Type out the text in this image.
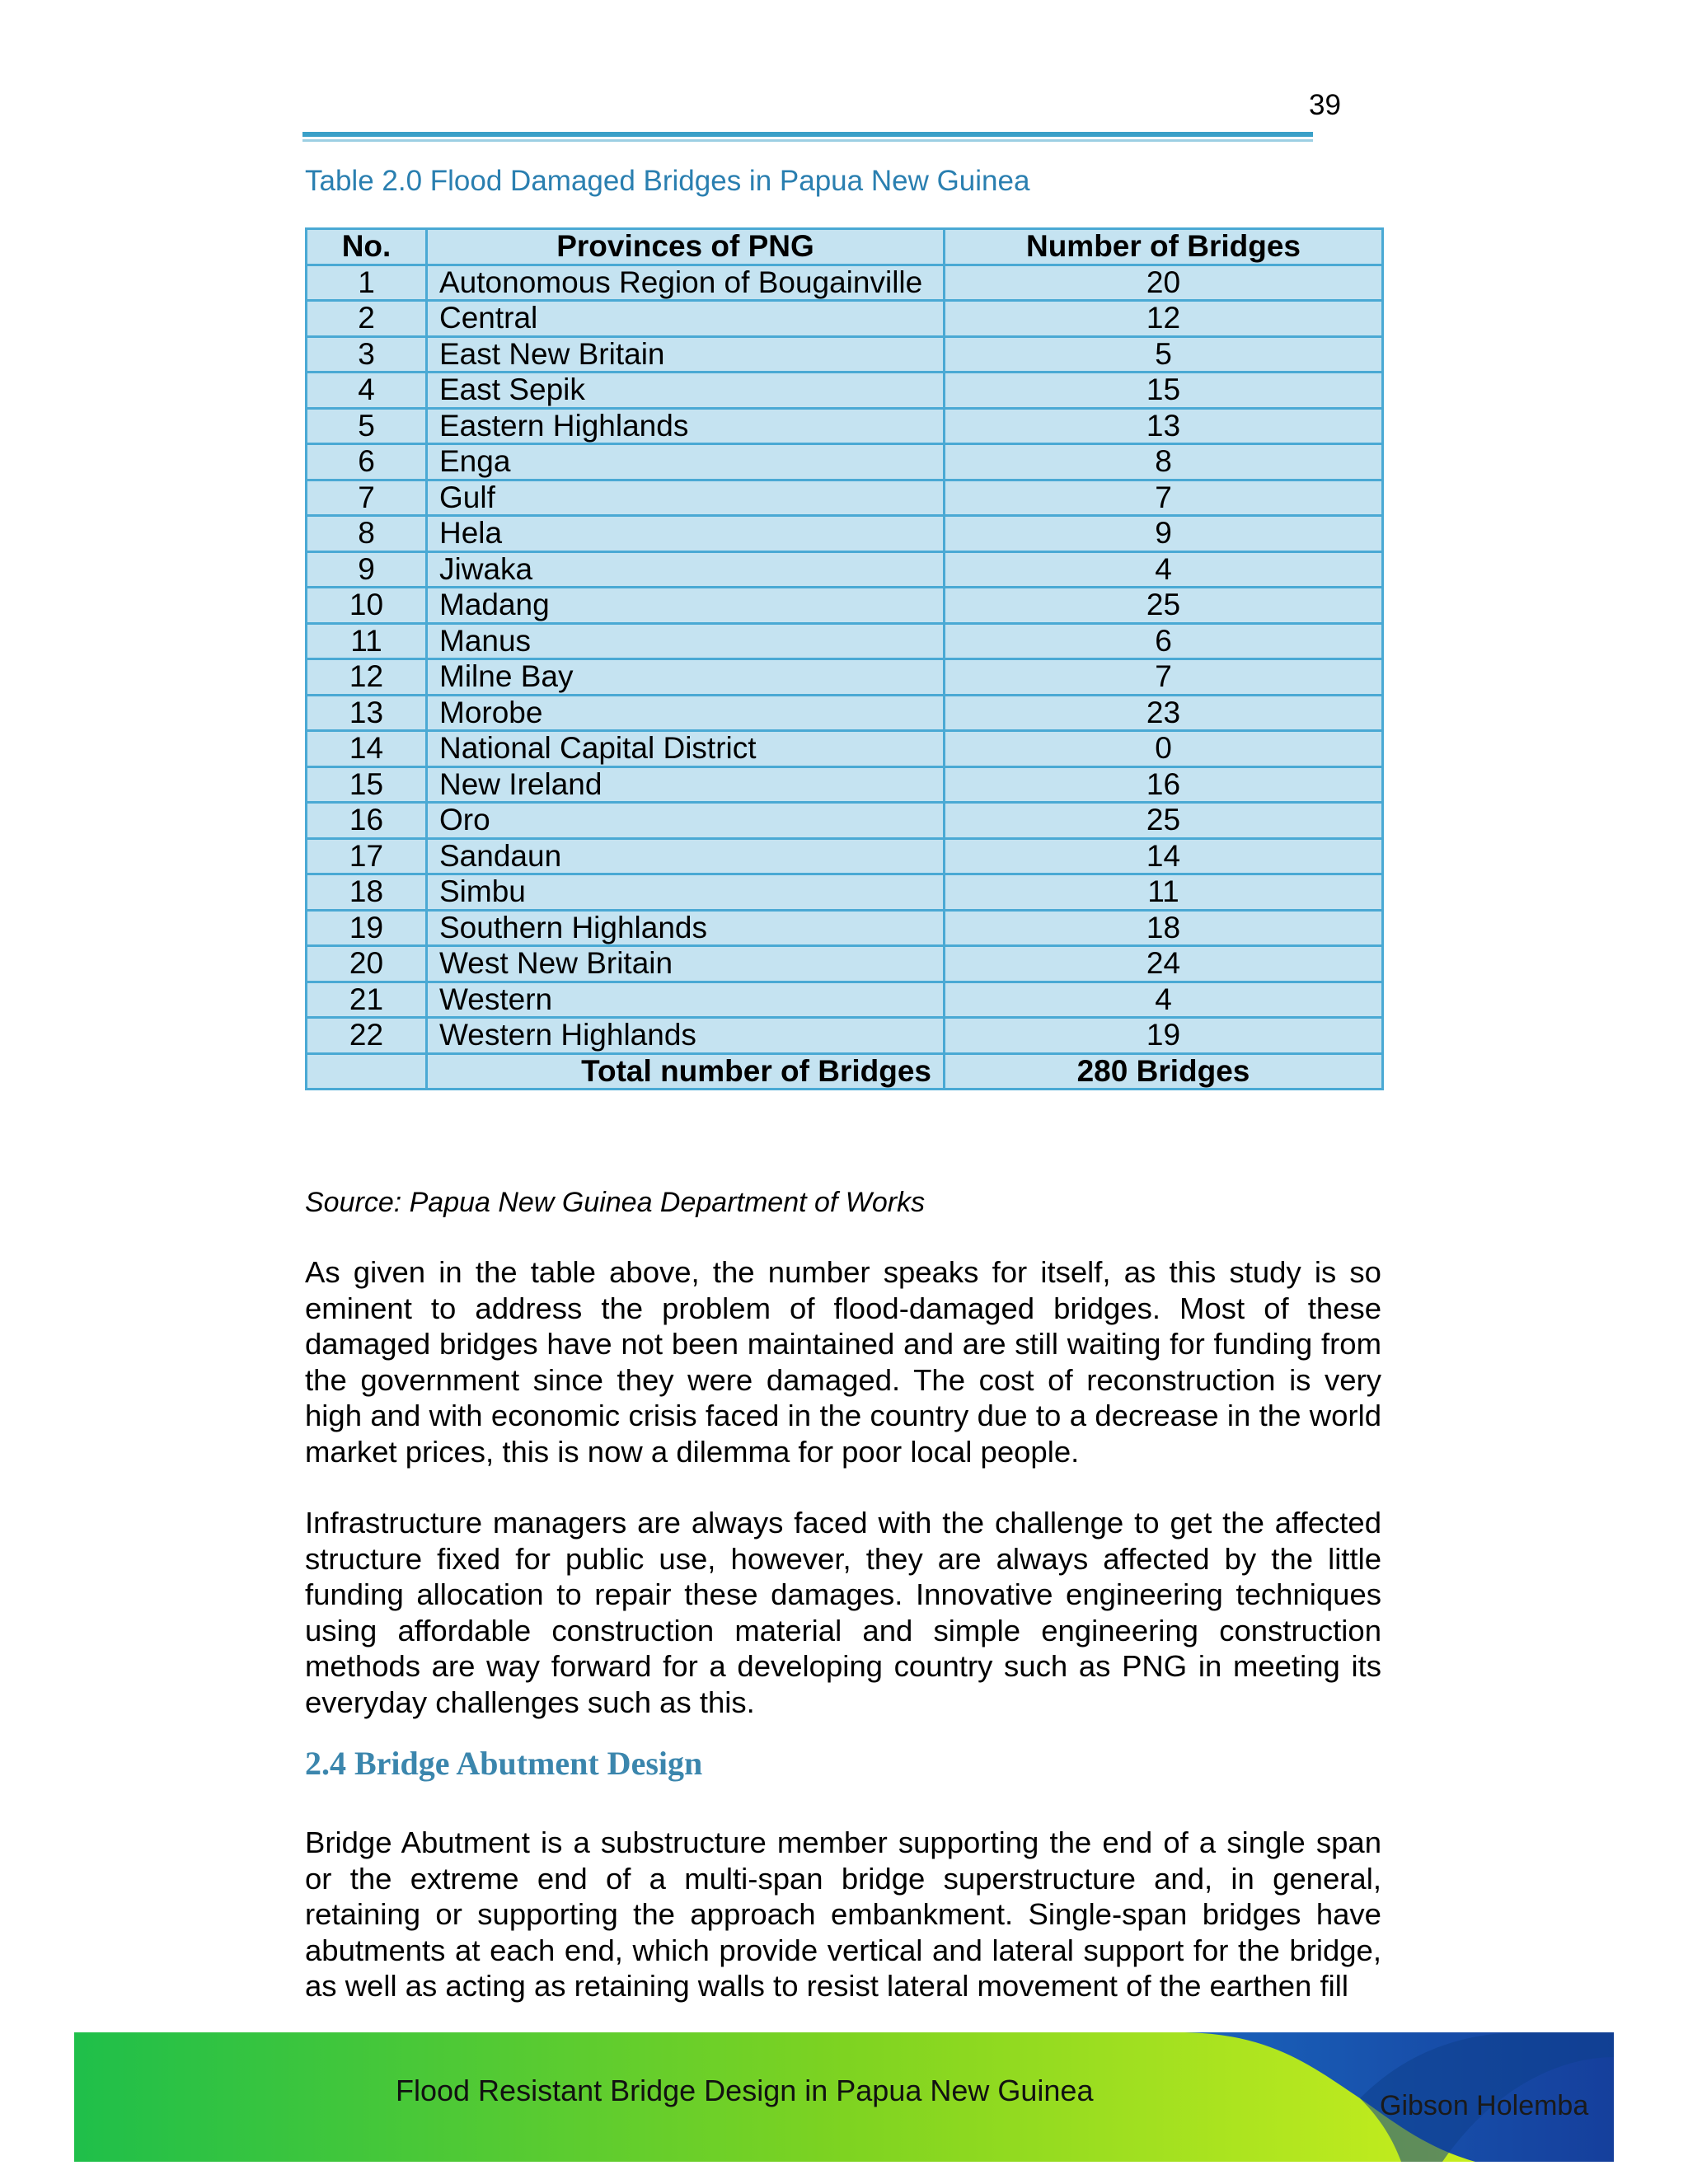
39
Table 2.0 Flood Damaged Bridges in Papua New Guinea
No.	Provinces of PNG	Number of Bridges
1	Autonomous Region of Bougainville	20
2	Central	12
3	East New Britain	5
4	East Sepik	15
5	Eastern Highlands	13
6	Enga	8
7	Gulf	7
8	Hela	9
9	Jiwaka	4
10	Madang	25
11	Manus	6
12	Milne Bay	7
13	Morobe	23
14	National Capital District	0
15	New Ireland	16
16	Oro	25
17	Sandaun	14
18	Simbu	11
19	Southern Highlands	18
20	West New Britain	24
21	Western	4
22	Western Highlands	19
	Total number of Bridges	280 Bridges
Source: Papua New Guinea Department of Works

As given in the table above, the number speaks for itself, as this study is so eminent to address the problem of flood-damaged bridges. Most of these damaged bridges have not been maintained and are still waiting for funding from the government since they were damaged. The cost of reconstruction is very high and with economic crisis faced in the country due to a decrease in the world market prices, this is now a dilemma for poor local people.

Infrastructure managers are always faced with the challenge to get the affected structure fixed for public use, however, they are always affected by the little funding allocation to repair these damages. Innovative engineering techniques using affordable construction material and simple engineering construction methods are way forward for a developing country such as PNG in meeting its everyday challenges such as this.

2.4 Bridge Abutment Design

Bridge Abutment is a substructure member supporting the end of a single span or the extreme end of a multi-span bridge superstructure and, in general, retaining or supporting the approach embankment. Single-span bridges have abutments at each end, which provide vertical and lateral support for the bridge, as well as acting as retaining walls to resist lateral movement of the earthen fill

Flood Resistant Bridge Design in Papua New Guinea	Gibson Holemba
